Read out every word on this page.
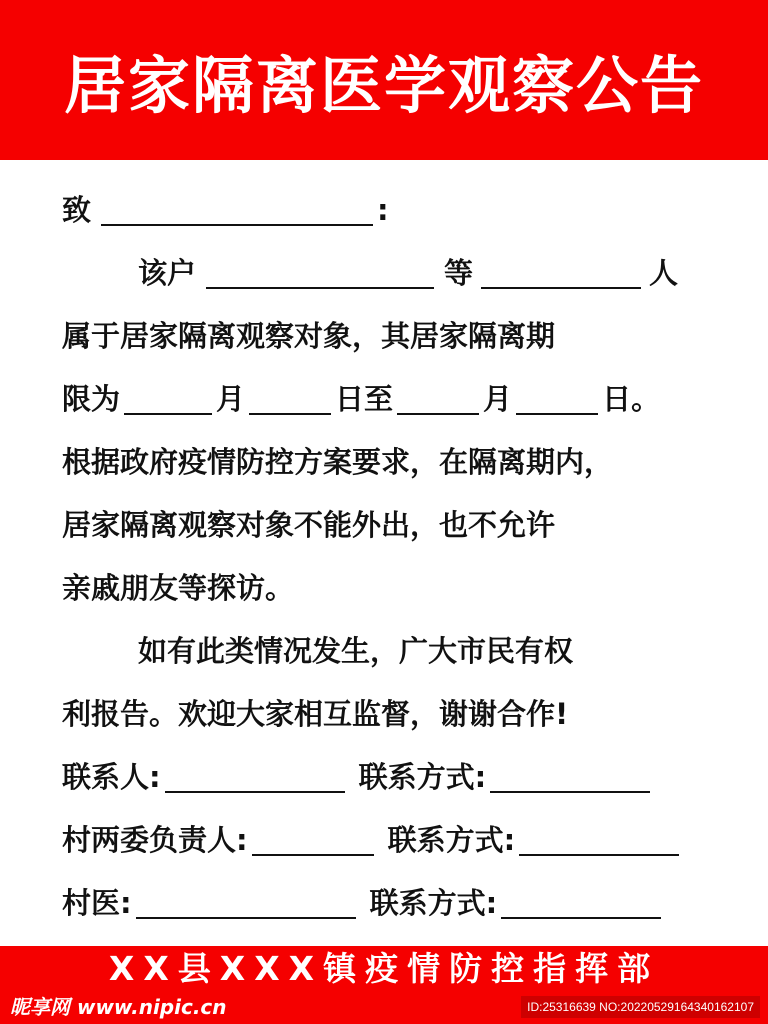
居家隔离医学观察公告
致	:
该户	等	人
属于居家隔离观察对象，其居家隔离期
限为	月	日至	月	日。
根据政府疫情防控方案要求，在隔离期内，
居家隔离观察对象不能外出，也不允许
亲戚朋友等探访。
如有此类情况发生，广大市民有权
利报告。欢迎大家相互监督，谢谢合作!
联系人:	联系方式:
村两委负责人:	联系方式:
村医:	联系方式:
XX县XXX镇疫情防控指挥部
昵享网 www.nipic.cn	ID:25316639 NO:20220529164340162107
